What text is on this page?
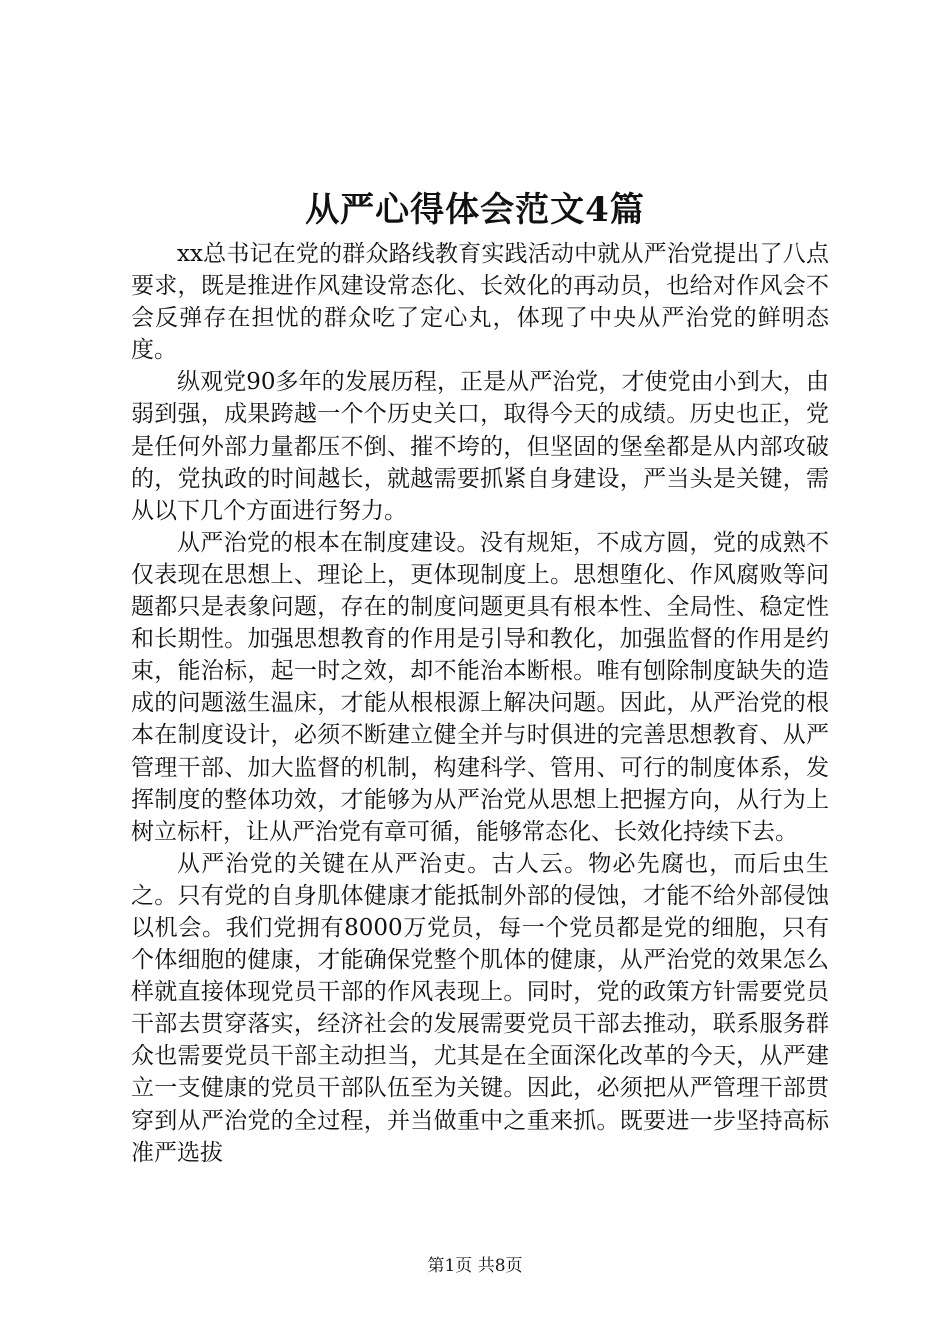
从严心得体会范文4篇

xx总书记在党的群众路线教育实践活动中就从严治党提出了八点要求，既是推进作风建设常态化、长效化的再动员，也给对作风会不会反弹存在担忧的群众吃了定心丸，体现了中央从严治党的鲜明态度。

纵观党90多年的发展历程，正是从严治党，才使党由小到大，由弱到强，成果跨越一个个历史关口，取得今天的成绩。历史也正，党是任何外部力量都压不倒、摧不垮的，但坚固的堡垒都是从内部攻破的，党执政的时间越长，就越需要抓紧自身建设，严当头是关键，需从以下几个方面进行努力。

从严治党的根本在制度建设。没有规矩，不成方圆，党的成熟不仅表现在思想上、理论上，更体现制度上。思想堕化、作风腐败等问题都只是表象问题，存在的制度问题更具有根本性、全局性、稳定性和长期性。加强思想教育的作用是引导和教化，加强监督的作用是约束，能治标，起一时之效，却不能治本断根。唯有刨除制度缺失的造成的问题滋生温床，才能从根根源上解决问题。因此，从严治党的根本在制度设计，必须不断建立健全并与时俱进的完善思想教育、从严管理干部、加大监督的机制，构建科学、管用、可行的制度体系，发挥制度的整体功效，才能够为从严治党从思想上把握方向，从行为上树立标杆，让从严治党有章可循，能够常态化、长效化持续下去。

从严治党的关键在从严治吏。古人云。物必先腐也，而后虫生之。只有党的自身肌体健康才能抵制外部的侵蚀，才能不给外部侵蚀以机会。我们党拥有8000万党员，每一个党员都是党的细胞，只有个体细胞的健康，才能确保党整个肌体的健康，从严治党的效果怎么样就直接体现党员干部的作风表现上。同时，党的政策方针需要党员干部去贯穿落实，经济社会的发展需要党员干部去推动，联系服务群众也需要党员干部主动担当，尤其是在全面深化改革的今天，从严建立一支健康的党员干部队伍至为关键。因此，必须把从严管理干部贯穿到从严治党的全过程，并当做重中之重来抓。既要进一步坚持高标准严选拔

第1页 共8页
